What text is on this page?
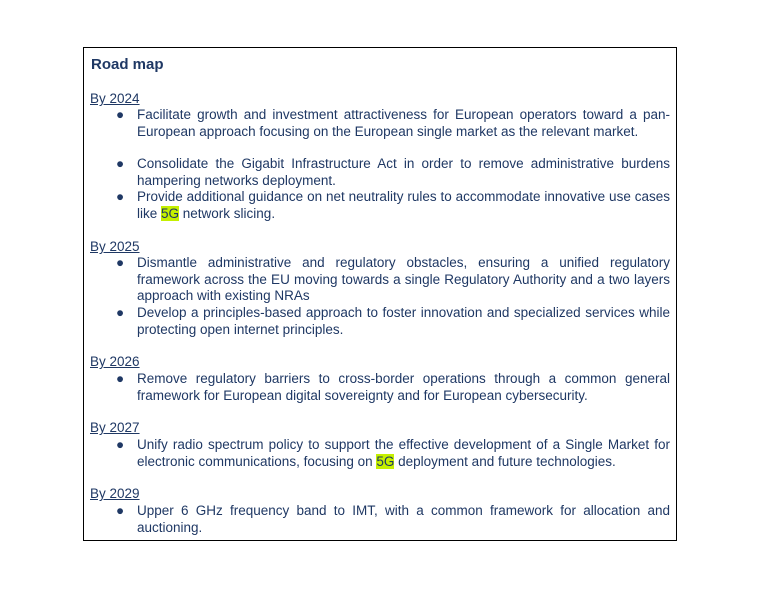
Road map
By 2024
● Facilitate growth and investment attractiveness for European operators toward a pan-European approach focusing on the European single market as the relevant market.
● Consolidate the Gigabit Infrastructure Act in order to remove administrative burdens hampering networks deployment.
● Provide additional guidance on net neutrality rules to accommodate innovative use cases like 5G network slicing.
By 2025
● Dismantle administrative and regulatory obstacles, ensuring a unified regulatory framework across the EU moving towards a single Regulatory Authority and a two layers approach with existing NRAs
● Develop a principles-based approach to foster innovation and specialized services while protecting open internet principles.
By 2026
● Remove regulatory barriers to cross-border operations through a common general framework for European digital sovereignty and for European cybersecurity.
By 2027
● Unify radio spectrum policy to support the effective development of a Single Market for electronic communications, focusing on 5G deployment and future technologies.
By 2029
● Upper 6 GHz frequency band to IMT, with a common framework for allocation and auctioning.
